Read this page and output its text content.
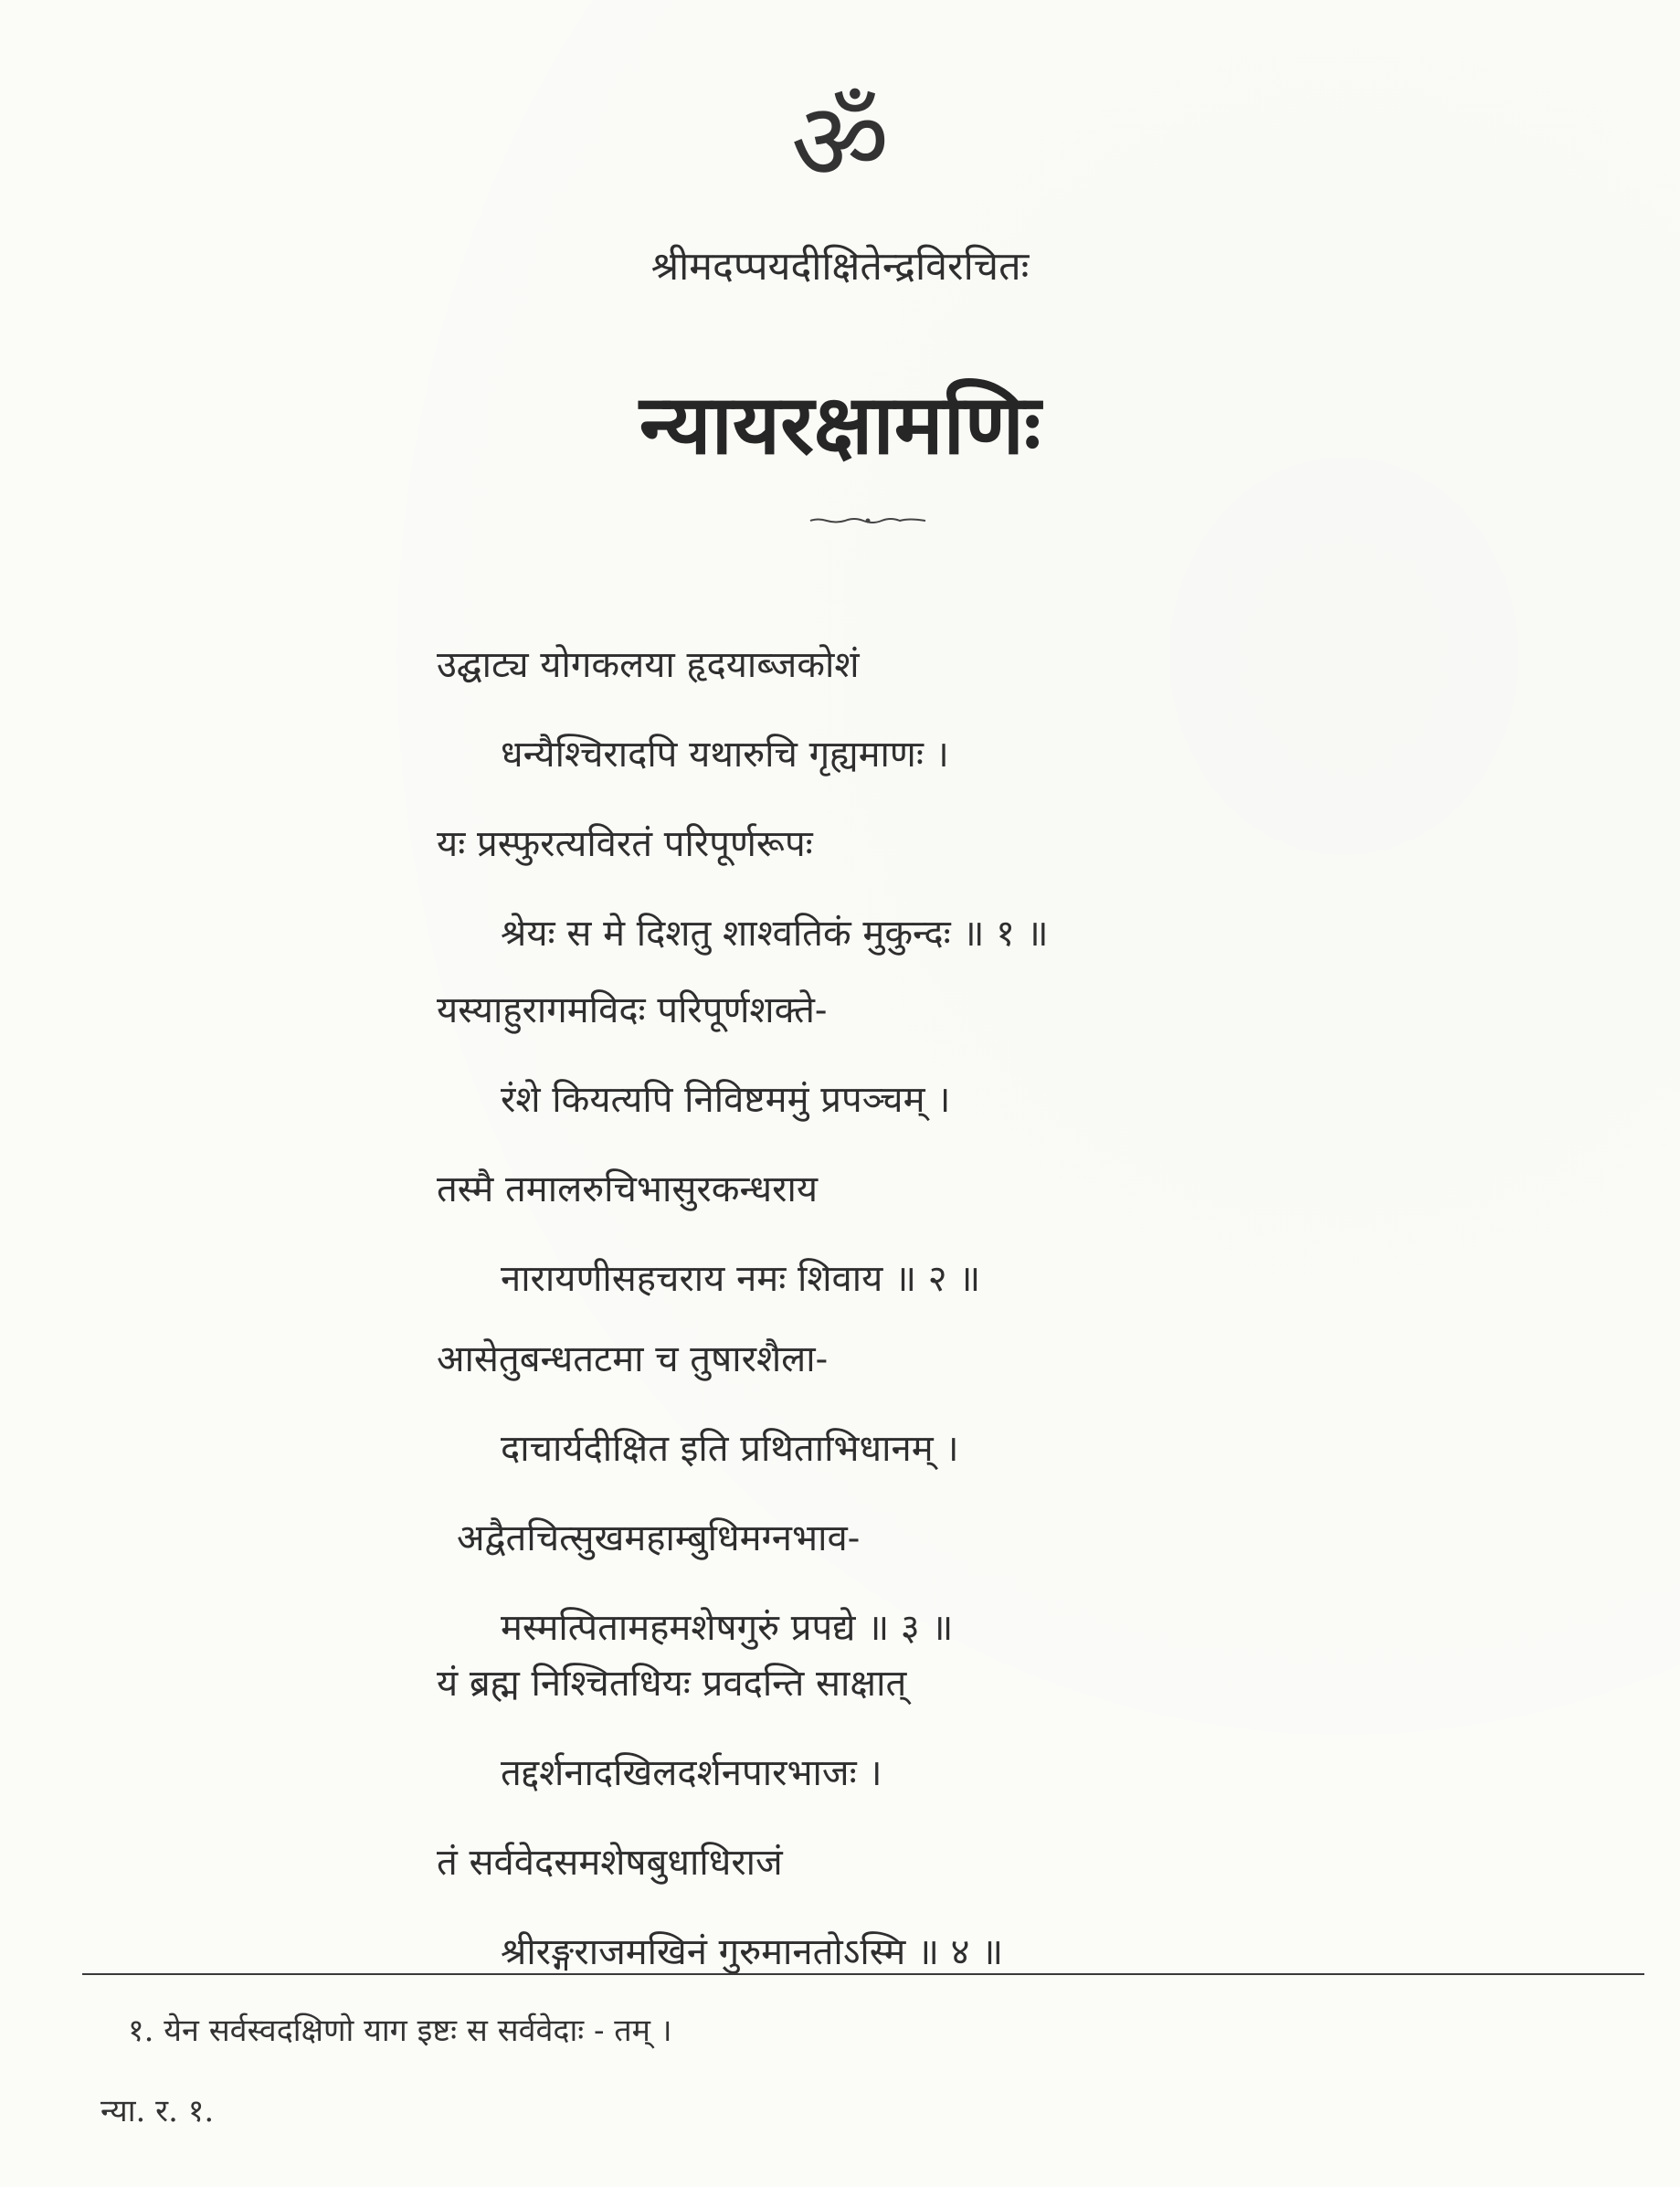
ॐ
श्रीमदप्पयदीक्षितेन्द्रविरचितः
न्यायरक्षामणिः
उद्घाट्य योगकलया हृदयाब्जकोशं
धन्यैश्चिरादपि यथारुचि गृह्यमाणः ।
यः प्रस्फुरत्यविरतं परिपूर्णरूपः
श्रेयः स मे दिशतु शाश्वतिकं मुकुन्दः ॥ १ ॥
यस्याहुरागमविदः परिपूर्णशक्ते-
रंशे कियत्यपि निविष्टममुं प्रपञ्चम् ।
तस्मै तमालरुचिभासुरकन्धराय
नारायणीसहचराय नमः शिवाय ॥ २ ॥
आसेतुबन्धतटमा च तुषारशैला-
दाचार्यदीक्षित इति प्रथिताभिधानम् ।
अद्वैतचित्सुखमहाम्बुधिमग्नभाव-
मस्मत्पितामहमशेषगुरुं प्रपद्ये ॥ ३ ॥
यं ब्रह्म निश्चितधियः प्रवदन्ति साक्षात्
तद्दर्शनादखिलदर्शनपारभाजः ।
तं सर्ववेदसमशेषबुधाधिराजं
श्रीरङ्गराजमखिनं गुरुमानतोऽस्मि ॥ ४ ॥
१. येन सर्वस्वदक्षिणो याग इष्टः स सर्ववेदाः - तम् ।
न्या. र. १.
